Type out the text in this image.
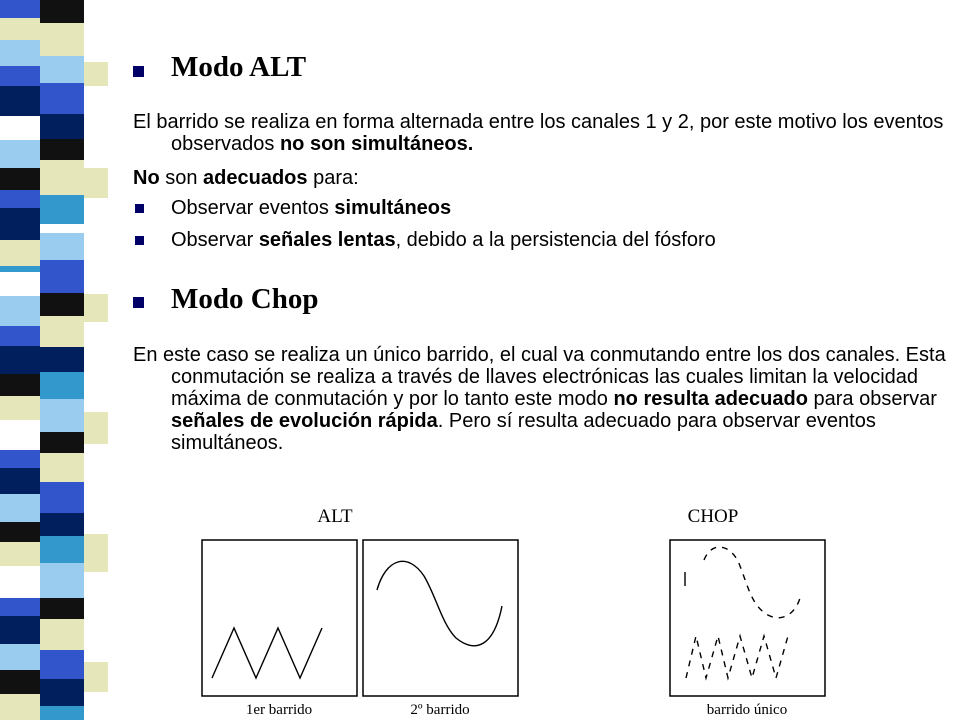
Modo ALT

El barrido se realiza en forma alternada entre los canales 1 y 2, por este motivo los eventos observados no son simultáneos.

No son adecuados para:
Observar eventos simultáneos
Observar señales lentas, debido a la persistencia del fósforo
Modo Chop

En este caso se realiza un único barrido, el cual va conmutando entre los dos canales. Esta conmutación se realiza a través de llaves electrónicas las cuales limitan la velocidad máxima de conmutación y por lo tanto este modo no resulta adecuado para observar señales de evolución rápida. Pero sí resulta adecuado para observar eventos simultáneos.

ALT	CHOP
1er barrido	2º barrido	barrido único
